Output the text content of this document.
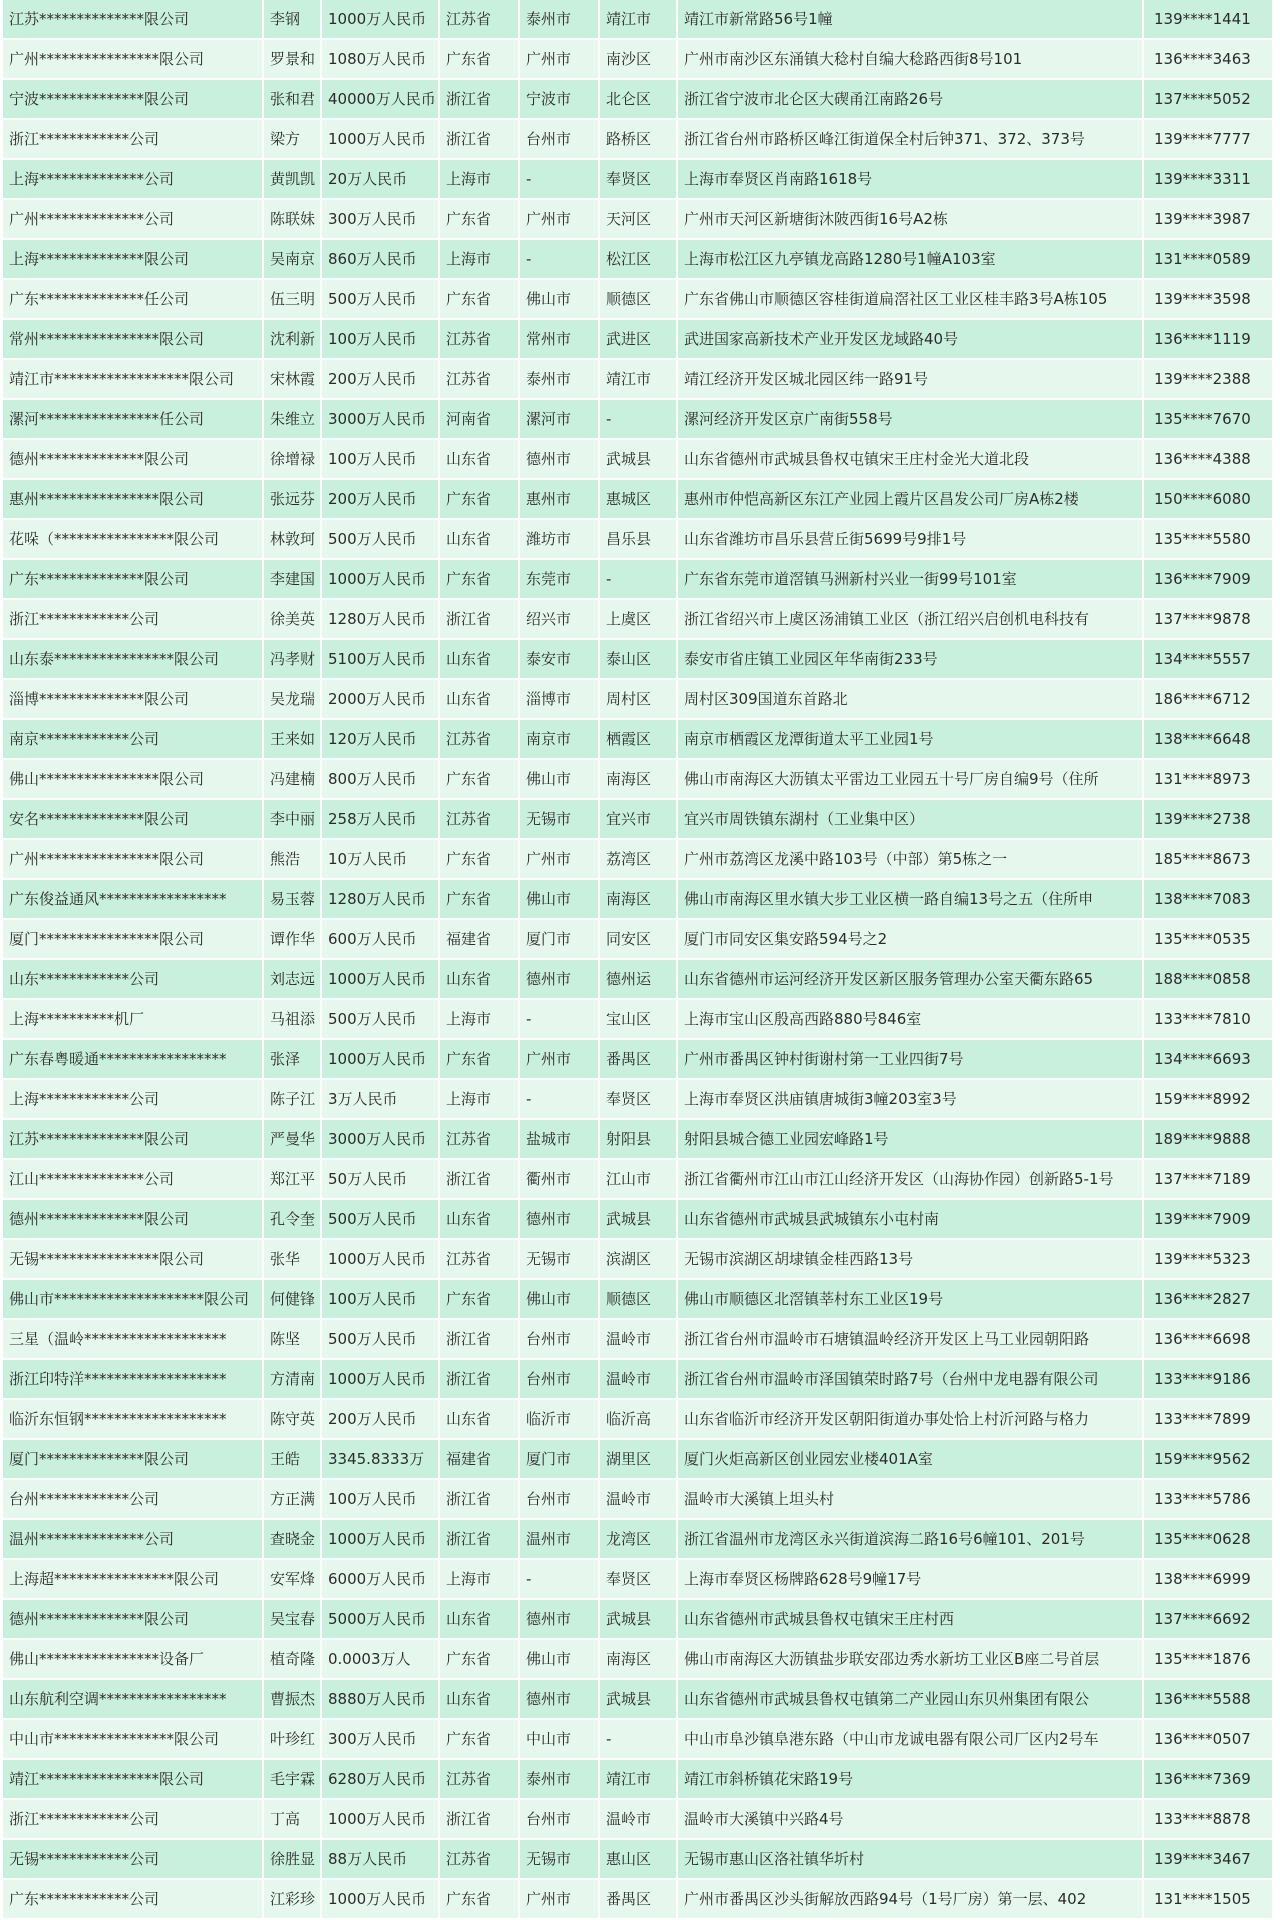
江苏**************限公司	李钢	1000万人民币	江苏省	泰州市	靖江市	靖江市新常路56号1幢	139****1441
广州****************限公司	罗景和	1080万人民币	广东省	广州市	南沙区	广州市南沙区东涌镇大稔村自编大稔路西街8号101	136****3463
宁波**************限公司	张和君	40000万人民币	浙江省	宁波市	北仑区	浙江省宁波市北仑区大碶甬江南路26号	137****5052
浙江************公司	梁方	1000万人民币	浙江省	台州市	路桥区	浙江省台州市路桥区峰江街道保全村后钟371、372、373号	139****7777
上海**************公司	黄凯凯	20万人民币	上海市	-	奉贤区	上海市奉贤区肖南路1618号	139****3311
广州**************公司	陈联妹	300万人民币	广东省	广州市	天河区	广州市天河区新塘街沐陂西街16号A2栋	139****3987
上海**************限公司	吴南京	860万人民币	上海市	-	松江区	上海市松江区九亭镇龙高路1280号1幢A103室	131****0589
广东**************任公司	伍三明	500万人民币	广东省	佛山市	顺德区	广东省佛山市顺德区容桂街道扁滘社区工业区桂丰路3号A栋105	139****3598
常州****************限公司	沈利新	100万人民币	江苏省	常州市	武进区	武进国家高新技术产业开发区龙域路40号	136****1119
靖江市******************限公司	宋林霞	200万人民币	江苏省	泰州市	靖江市	靖江经济开发区城北园区纬一路91号	139****2388
漯河****************任公司	朱维立	3000万人民币	河南省	漯河市	-	漯河经济开发区京广南街558号	135****7670
德州**************限公司	徐增禄	100万人民币	山东省	德州市	武城县	山东省德州市武城县鲁权屯镇宋王庄村金光大道北段	136****4388
惠州****************限公司	张远芬	200万人民币	广东省	惠州市	惠城区	惠州市仲恺高新区东江产业园上霞片区昌发公司厂房A栋2楼	150****6080
花哚（****************限公司	林敦珂	500万人民币	山东省	潍坊市	昌乐县	山东省潍坊市昌乐县营丘街5699号9排1号	135****5580
广东**************限公司	李建国	1000万人民币	广东省	东莞市	-	广东省东莞市道滘镇马洲新村兴业一街99号101室	136****7909
浙江************公司	徐美英	1280万人民币	浙江省	绍兴市	上虞区	浙江省绍兴市上虞区汤浦镇工业区（浙江绍兴启创机电科技有	137****9878
山东泰****************限公司	冯孝财	5100万人民币	山东省	泰安市	泰山区	泰安市省庄镇工业园区年华南街233号	134****5557
淄博**************限公司	吴龙瑞	2000万人民币	山东省	淄博市	周村区	周村区309国道东首路北	186****6712
南京************公司	王来如	120万人民币	江苏省	南京市	栖霞区	南京市栖霞区龙潭街道太平工业园1号	138****6648
佛山****************限公司	冯建楠	800万人民币	广东省	佛山市	南海区	佛山市南海区大沥镇太平雷边工业园五十号厂房自编9号（住所	131****8973
安名**************限公司	李中丽	258万人民币	江苏省	无锡市	宜兴市	宜兴市周铁镇东湖村（工业集中区）	139****2738
广州****************限公司	熊浩	10万人民币	广东省	广州市	荔湾区	广州市荔湾区龙溪中路103号（中部）第5栋之一	185****8673
广东俊益通风*****************	易玉蓉	1280万人民币	广东省	佛山市	南海区	佛山市南海区里水镇大步工业区横一路自编13号之五（住所申	138****7083
厦门****************限公司	谭作华	600万人民币	福建省	厦门市	同安区	厦门市同安区集安路594号之2	135****0535
山东************公司	刘志远	1000万人民币	山东省	德州市	德州运	山东省德州市运河经济开发区新区服务管理办公室天衢东路65	188****0858
上海**********机厂	马祖添	500万人民币	上海市	-	宝山区	上海市宝山区殷高西路880号846室	133****7810
广东春粤暖通*****************	张泽	1000万人民币	广东省	广州市	番禺区	广州市番禺区钟村街谢村第一工业四街7号	134****6693
上海************公司	陈子江	3万人民币	上海市	-	奉贤区	上海市奉贤区洪庙镇唐城街3幢203室3号	159****8992
江苏**************限公司	严曼华	3000万人民币	江苏省	盐城市	射阳县	射阳县城合德工业园宏峰路1号	189****9888
江山**************公司	郑江平	50万人民币	浙江省	衢州市	江山市	浙江省衢州市江山市江山经济开发区（山海协作园）创新路5-1号	137****7189
德州**************限公司	孔令奎	500万人民币	山东省	德州市	武城县	山东省德州市武城县武城镇东小屯村南	139****7909
无锡****************限公司	张华	1000万人民币	江苏省	无锡市	滨湖区	无锡市滨湖区胡埭镇金桂西路13号	139****5323
佛山市********************限公司	何健锋	100万人民币	广东省	佛山市	顺德区	佛山市顺德区北滘镇莘村东工业区19号	136****2827
三星（温岭*******************	陈坚	500万人民币	浙江省	台州市	温岭市	浙江省台州市温岭市石塘镇温岭经济开发区上马工业园朝阳路	136****6698
浙江印特洋*******************	方清南	1000万人民币	浙江省	台州市	温岭市	浙江省台州市温岭市泽国镇荣时路7号（台州中龙电器有限公司	133****9186
临沂东恒钢*******************	陈守英	200万人民币	山东省	临沂市	临沂高	山东省临沂市经济开发区朝阳街道办事处恰上村沂河路与格力	133****7899
厦门**************限公司	王皓	3345.8333万	福建省	厦门市	湖里区	厦门火炬高新区创业园宏业楼401A室	159****9562
台州************公司	方正满	100万人民币	浙江省	台州市	温岭市	温岭市大溪镇上坦头村	133****5786
温州**************公司	查晓金	1000万人民币	浙江省	温州市	龙湾区	浙江省温州市龙湾区永兴街道滨海二路16号6幢101、201号	135****0628
上海超****************限公司	安军烽	6000万人民币	上海市	-	奉贤区	上海市奉贤区杨牌路628号9幢17号	138****6999
德州**************限公司	吴宝春	5000万人民币	山东省	德州市	武城县	山东省德州市武城县鲁权屯镇宋王庄村西	137****6692
佛山****************设备厂	植奇隆	0.0003万人	广东省	佛山市	南海区	佛山市南海区大沥镇盐步联安邵边秀水新坊工业区B座二号首层	135****1876
山东航利空调*****************	曹振杰	8880万人民币	山东省	德州市	武城县	山东省德州市武城县鲁权屯镇第二产业园山东贝州集团有限公	136****5588
中山市****************限公司	叶珍红	300万人民币	广东省	中山市	-	中山市阜沙镇阜港东路（中山市龙诚电器有限公司厂区内2号车	136****0507
靖江****************限公司	毛宇霖	6280万人民币	江苏省	泰州市	靖江市	靖江市斜桥镇花宋路19号	136****7369
浙江************公司	丁高	1000万人民币	浙江省	台州市	温岭市	温岭市大溪镇中兴路4号	133****8878
无锡************公司	徐胜显	88万人民币	江苏省	无锡市	惠山区	无锡市惠山区洛社镇华圻村	139****3467
广东************公司	江彩珍	1000万人民币	广东省	广州市	番禺区	广州市番禺区沙头街解放西路94号（1号厂房）第一层、402	131****1505
